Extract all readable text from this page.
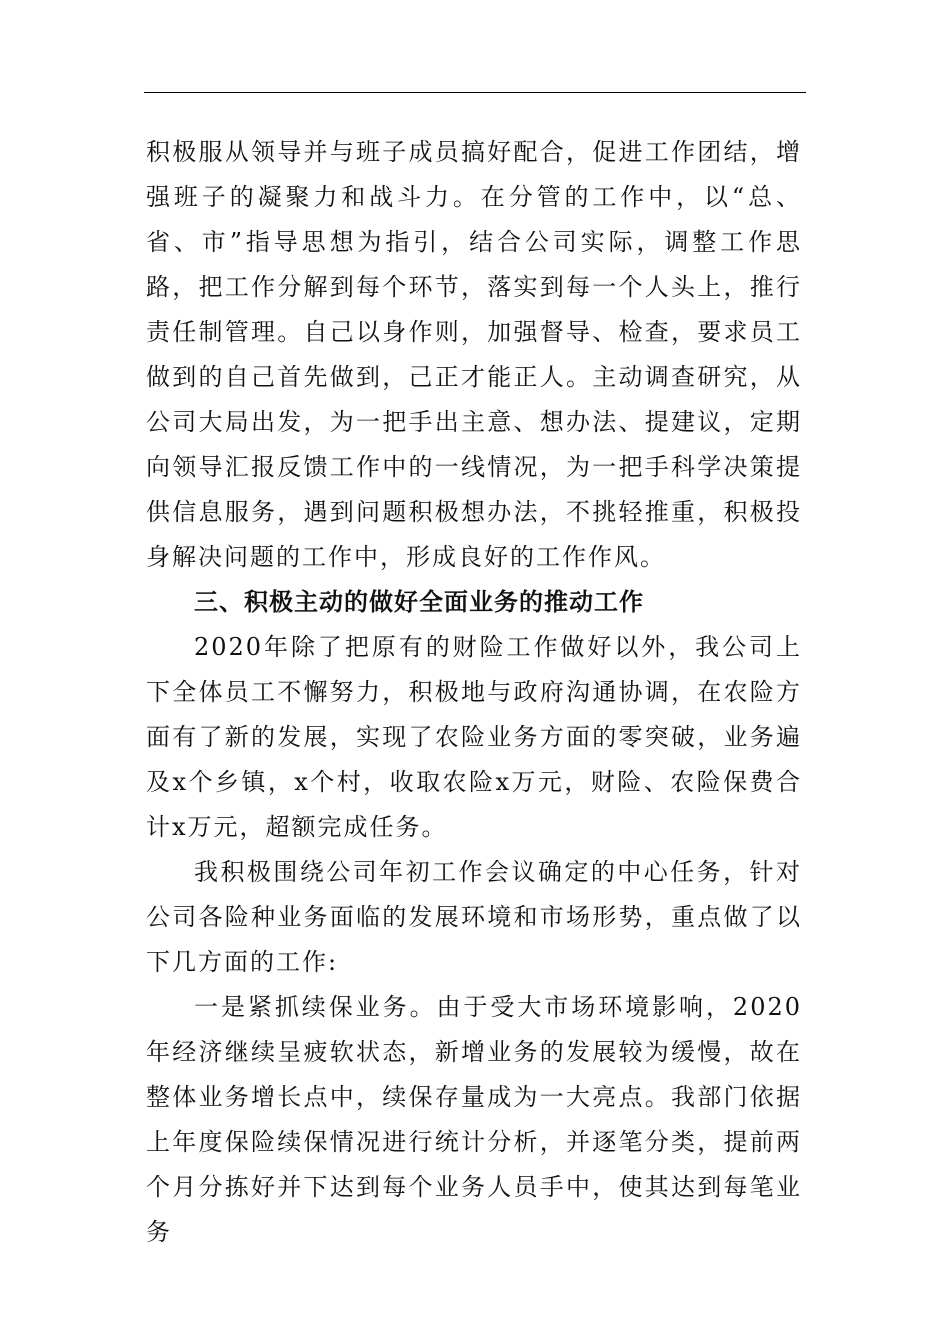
积极服从领导并与班子成员搞好配合，促进工作团结，增强班子的凝聚力和战斗力。在分管的工作中，以“总、省、市”指导思想为指引，结合公司实际，调整工作思路，把工作分解到每个环节，落实到每一个人头上，推行责任制管理。自己以身作则，加强督导、检查，要求员工做到的自己首先做到，己正才能正人。主动调查研究，从公司大局出发，为一把手出主意、想办法、提建议，定期向领导汇报反馈工作中的一线情况，为一把手科学决策提供信息服务，遇到问题积极想办法，不挑轻推重，积极投身解决问题的工作中，形成良好的工作作风。

三、积极主动的做好全面业务的推动工作

2020年除了把原有的财险工作做好以外，我公司上下全体员工不懈努力，积极地与政府沟通协调，在农险方面有了新的发展，实现了农险业务方面的零突破，业务遍及x个乡镇，x个村，收取农险x万元，财险、农险保费合计x万元，超额完成任务。

我积极围绕公司年初工作会议确定的中心任务，针对公司各险种业务面临的发展环境和市场形势，重点做了以下几方面的工作:

一是紧抓续保业务。由于受大市场环境影响，2020年经济继续呈疲软状态，新增业务的发展较为缓慢，故在整体业务增长点中，续保存量成为一大亮点。我部门依据上年度保险续保情况进行统计分析，并逐笔分类，提前两个月分拣好并下达到每个业务人员手中，使其达到每笔业务
